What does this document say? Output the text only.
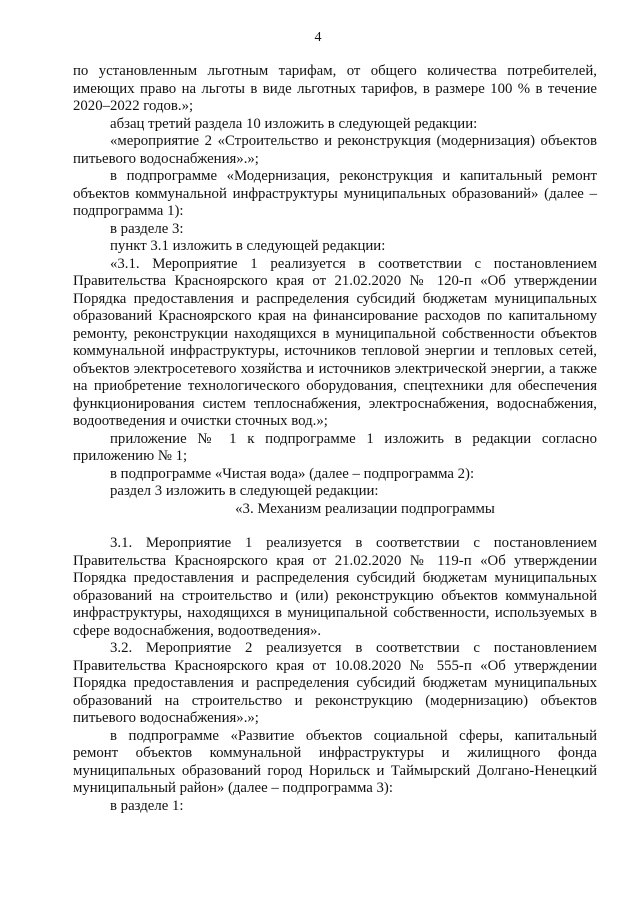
4

по установленным льготным тарифам, от общего количества потребителей, имеющих право на льготы в виде льготных тарифов, в размере 100 % в течение 2020–2022 годов.»;

абзац третий раздела 10 изложить в следующей редакции:

«мероприятие 2 «Строительство и реконструкция (модернизация) объектов питьевого водоснабжения».»;

в подпрограмме «Модернизация, реконструкция и капитальный ремонт объектов коммунальной инфраструктуры муниципальных образований» (далее – подпрограмма 1):

в разделе 3:

пункт 3.1 изложить в следующей редакции:

«3.1. Мероприятие 1 реализуется в соответствии с постановлением Правительства Красноярского края от 21.02.2020 № 120-п «Об утверждении Порядка предоставления и распределения субсидий бюджетам муниципальных образований Красноярского края на финансирование расходов по капитальному ремонту, реконструкции находящихся в муниципальной собственности объектов коммунальной инфраструктуры, источников тепловой энергии и тепловых сетей, объектов электросетевого хозяйства и источников электрической энергии, а также на приобретение технологического оборудования, спецтехники для обеспечения функционирования систем теплоснабжения, электроснабжения, водоснабжения, водоотведения и очистки сточных вод.»;

приложение № 1 к подпрограмме 1 изложить в редакции согласно приложению № 1;

в подпрограмме «Чистая вода» (далее – подпрограмма 2):

раздел 3 изложить в следующей редакции:

«3. Механизм реализации подпрограммы

3.1. Мероприятие 1 реализуется в соответствии с постановлением Правительства Красноярского края от 21.02.2020 № 119-п «Об утверждении Порядка предоставления и распределения субсидий бюджетам муниципальных образований на строительство и (или) реконструкцию объектов коммунальной инфраструктуры, находящихся в муниципальной собственности, используемых в сфере водоснабжения, водоотведения».

3.2. Мероприятие 2 реализуется в соответствии с постановлением Правительства Красноярского края от 10.08.2020 № 555-п «Об утверждении Порядка предоставления и распределения субсидий бюджетам муниципальных образований на строительство и реконструкцию (модернизацию) объектов питьевого водоснабжения».»;

в подпрограмме «Развитие объектов социальной сферы, капитальный ремонт объектов коммунальной инфраструктуры и жилищного фонда муниципальных образований город Норильск и Таймырский Долгано-Ненецкий муниципальный район» (далее – подпрограмма 3):

в разделе 1:
